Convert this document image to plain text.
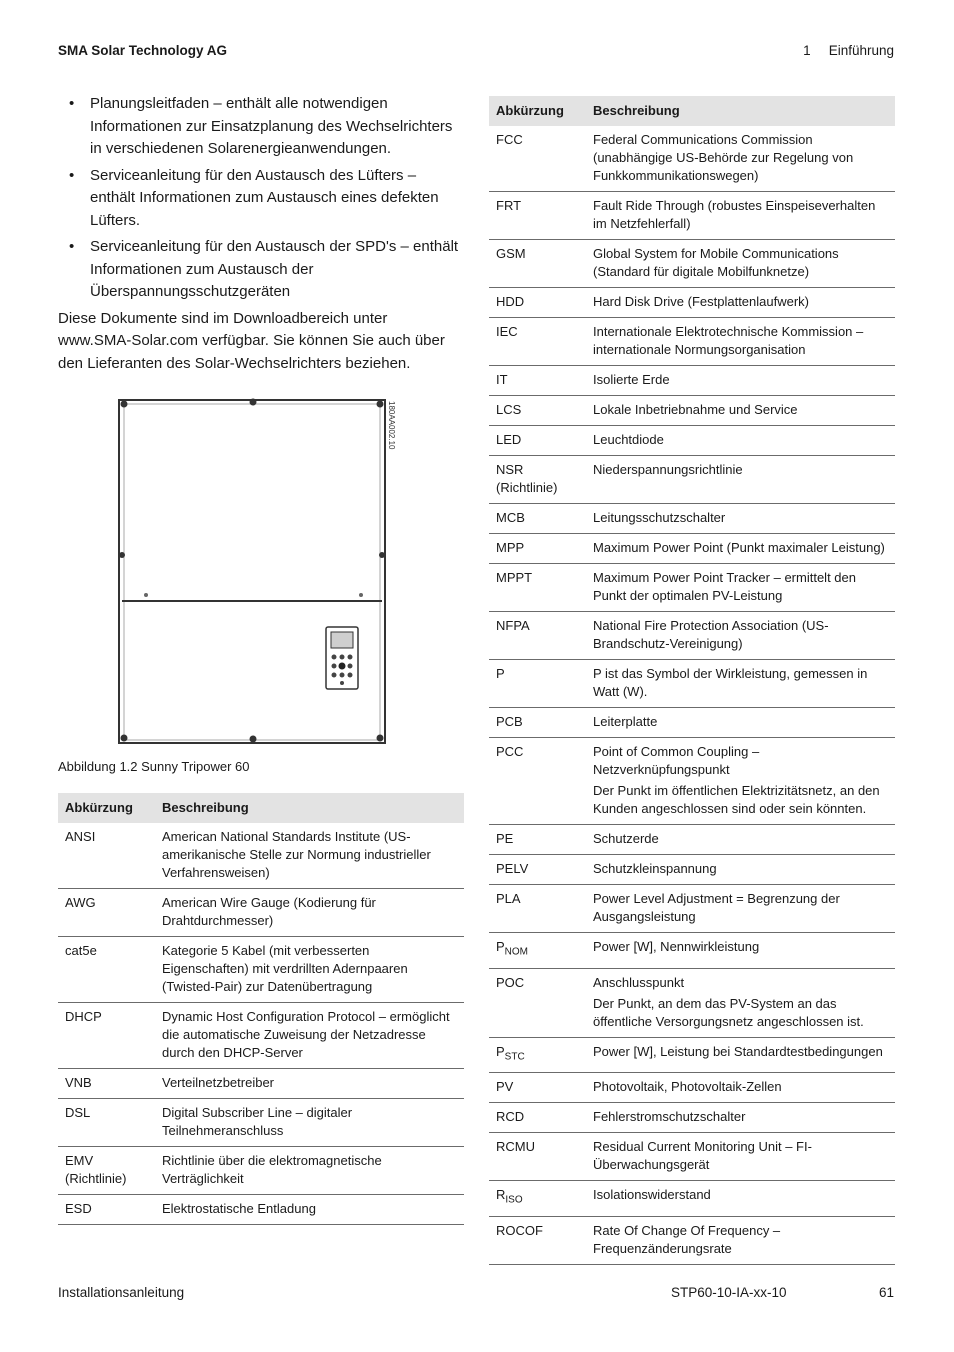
SMA Solar Technology AG	1 Einführung
• Planungsleitfaden – enthält alle notwendigen Informationen zur Einsatzplanung des Wechselrichters in verschiedenen Solarenergieanwendungen.
• Serviceanleitung für den Austausch des Lüfters – enthält Informationen zum Austausch eines defekten Lüfters.
• Serviceanleitung für den Austausch der SPD's – enthält Informationen zum Austausch der Überspannungsschutzgeräten

Diese Dokumente sind im Downloadbereich unter www.SMA-Solar.com verfügbar. Sie können Sie auch über den Lieferanten des Solar-Wechselrichters beziehen.

180AA002.10
Abbildung 1.2 Sunny Tripower 60
Abkürzung	Beschreibung
ANSI	American National Standards Institute (US-amerikanische Stelle zur Normung industrieller Verfahrensweisen)
AWG	American Wire Gauge (Kodierung für Drahtdurchmesser)
cat5e	Kategorie 5 Kabel (mit verbesserten Eigenschaften) mit verdrillten Adernpaaren (Twisted-Pair) zur Datenübertragung
DHCP	Dynamic Host Configuration Protocol – ermöglicht die automatische Zuweisung der Netzadresse durch den DHCP-Server
VNB	Verteilnetzbetreiber
DSL	Digital Subscriber Line – digitaler Teilnehmeranschluss
EMV (Richtlinie)	Richtlinie über die elektromagnetische Verträglichkeit
ESD	Elektrostatische Entladung
Abkürzung	Beschreibung
FCC	Federal Communications Commission (unabhängige US-Behörde zur Regelung von Funkkommunikationswegen)
FRT	Fault Ride Through (robustes Einspeiseverhalten im Netzfehlerfall)
GSM	Global System for Mobile Communications (Standard für digitale Mobilfunknetze)
HDD	Hard Disk Drive (Festplattenlaufwerk)
IEC	Internationale Elektrotechnische Kommission – internationale Normungsorganisation
IT	Isolierte Erde
LCS	Lokale Inbetriebnahme und Service
LED	Leuchtdiode
NSR (Richtlinie)	Niederspannungsrichtlinie
MCB	Leitungsschutzschalter
MPP	Maximum Power Point (Punkt maximaler Leistung)
MPPT	Maximum Power Point Tracker – ermittelt den Punkt der optimalen PV-Leistung
NFPA	National Fire Protection Association (US-Brandschutz-Vereinigung)
P	P ist das Symbol der Wirkleistung, gemessen in Watt (W).
PCB	Leiterplatte
PCC	Point of Common Coupling – Netzverknüpfungspunkt
Der Punkt im öffentlichen Elektrizitätsnetz, an den Kunden angeschlossen sind oder sein könnten.

PE	Schutzerde
PELV	Schutzkleinspannung
PLA	Power Level Adjustment = Begrenzung der Ausgangsleistung
$P_{NOM}$	Power [W], Nennwirkleistung
POC	Anschlusspunkt
Der Punkt, an dem das PV-System an das öffentliche Versorgungsnetz angeschlossen ist.

$P_{STC}$	Power [W], Leistung bei Standardtestbedingungen
PV	Photovoltaik, Photovoltaik-Zellen
RCD	Fehlerstromschutzschalter
RCMU	Residual Current Monitoring Unit – FI-Überwachungsgerät
$R_{ISO}$	Isolationswiderstand
ROCOF	Rate Of Change Of Frequency – Frequenzänderungsrate
Installationsanleitung	STP60-10-IA-xx-10	61
